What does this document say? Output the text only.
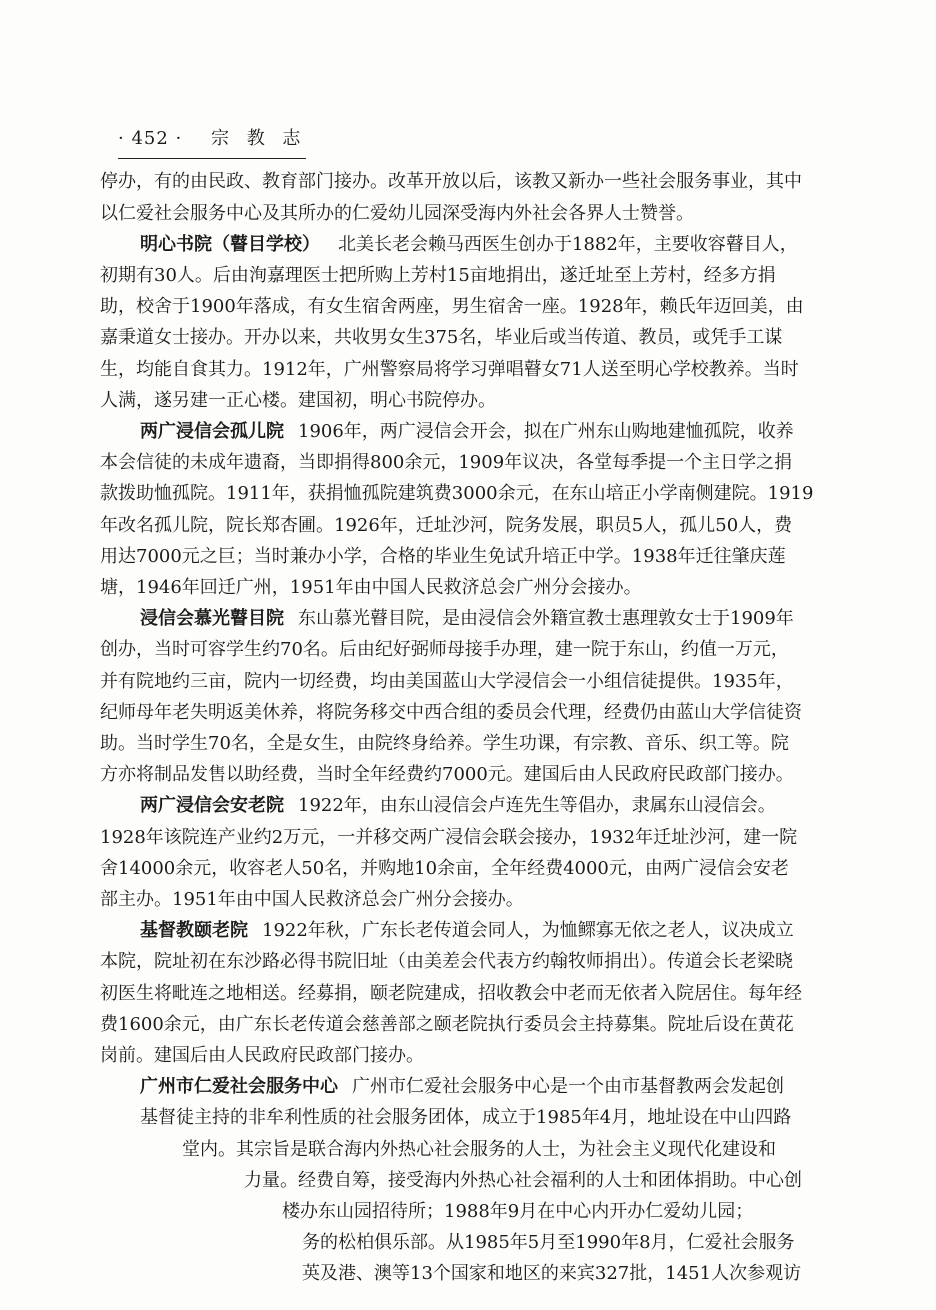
· 452 · 宗 教 志
停办，有的由民政、教育部门接办。改革开放以后，该教又新办一些社会服务事业，其中
以仁爱社会服务中心及其所办的仁爱幼儿园深受海内外社会各界人士赞誉。
明心书院（瞽目学校） 北美长老会赖马西医生创办于1882年，主要收容瞽目人，
初期有30人。后由洵嘉理医士把所购上芳村15亩地捐出，遂迁址至上芳村，经多方捐
助，校舍于1900年落成，有女生宿舍两座，男生宿舍一座。1928年，赖氏年迈回美，由
嘉秉道女士接办。开办以来，共收男女生375名，毕业后或当传道、教员，或凭手工谋
生，均能自食其力。1912年，广州警察局将学习弹唱瞽女71人送至明心学校教养。当时
人满，遂另建一正心楼。建国初，明心书院停办。
两广浸信会孤儿院 1906年，两广浸信会开会，拟在广州东山购地建恤孤院，收养
本会信徒的未成年遗裔，当即捐得800余元，1909年议决，各堂每季提一个主日学之捐
款拨助恤孤院。1911年，获捐恤孤院建筑费3000余元，在东山培正小学南侧建院。1919
年改名孤儿院，院长郑杏圃。1926年，迁址沙河，院务发展，职员5人，孤儿50人，费
用达7000元之巨；当时兼办小学，合格的毕业生免试升培正中学。1938年迁往肇庆莲
塘，1946年回迁广州，1951年由中国人民救济总会广州分会接办。
浸信会慕光瞽目院 东山慕光瞽目院，是由浸信会外籍宣教士惠理敦女士于1909年
创办，当时可容学生约70名。后由纪好弼师母接手办理，建一院于东山，约值一万元，
并有院地约三亩，院内一切经费，均由美国蓝山大学浸信会一小组信徒提供。1935年，
纪师母年老失明返美休养，将院务移交中西合组的委员会代理，经费仍由蓝山大学信徒资
助。当时学生70名，全是女生，由院终身给养。学生功课，有宗教、音乐、织工等。院
方亦将制品发售以助经费，当时全年经费约7000元。建国后由人民政府民政部门接办。
两广浸信会安老院 1922年，由东山浸信会卢连先生等倡办，隶属东山浸信会。
1928年该院连产业约2万元，一并移交两广浸信会联会接办，1932年迁址沙河，建一院
舍14000余元，收容老人50名，并购地10余亩，全年经费4000元，由两广浸信会安老
部主办。1951年由中国人民救济总会广州分会接办。
基督教颐老院 1922年秋，广东长老传道会同人，为恤鳏寡无依之老人，议决成立
本院，院址初在东沙路必得书院旧址（由美差会代表方约翰牧师捐出）。传道会长老梁晓
初医生将毗连之地相送。经募捐，颐老院建成，招收教会中老而无依者入院居住。每年经
费1600余元，由广东长老传道会慈善部之颐老院执行委员会主持募集。院址后设在黄花
岗前。建国后由人民政府民政部门接办。
广州市仁爱社会服务中心 广州市仁爱社会服务中心是一个由市基督教两会发起创
基督徒主持的非牟利性质的社会服务团体，成立于1985年4月，地址设在中山四路
堂内。其宗旨是联合海内外热心社会服务的人士，为社会主义现代化建设和
力量。经费自筹，接受海内外热心社会福利的人士和团体捐助。中心创
楼办东山园招待所；1988年9月在中心内开办仁爱幼儿园；
务的松柏俱乐部。从1985年5月至1990年8月，仁爱社会服务
英及港、澳等13个国家和地区的来宾327批，1451人次参观访
